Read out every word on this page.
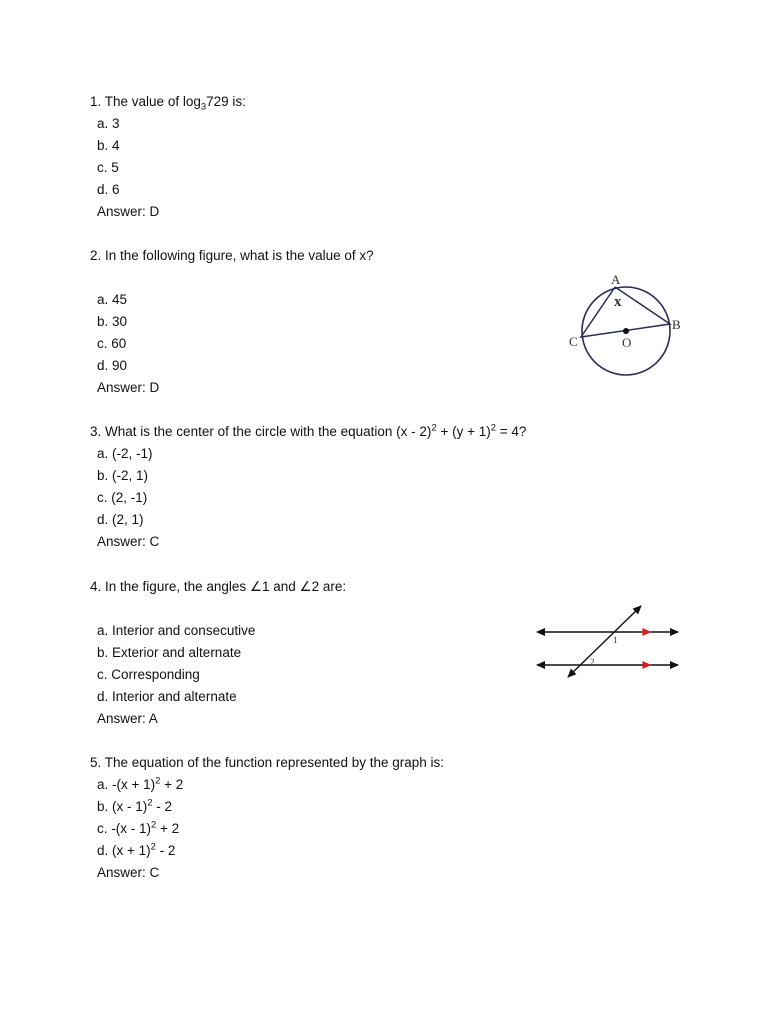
1. The value of $\log_3729$ is:
a. 3
b. 4
c. 5
d. 6
Answer: D
2. In the following figure, what is the value of x?
a. 45
b. 30
c. 60
d. 90
Answer: D
A
B
C	O
x
3. What is the center of the circle with the equation $(x - 2)^2 + (y + 1)^2 = 4$?
a. (-2, -1)
b. (-2, 1)
c. (2, -1)
d. (2, 1)
Answer: C
4. In the figure, the angles ∠1 and ∠2 are:
a. Interior and consecutive
b. Exterior and alternate
c. Corresponding
d. Interior and alternate
Answer: A
1
2
5. The equation of the function represented by the graph is:
a. $-(x + 1)^2 + 2$
b. (x - 1)$^2$ - 2
c. -(x - 1)$^2$ + 2
d. $(x + 1)^2 - 2$
Answer: C
